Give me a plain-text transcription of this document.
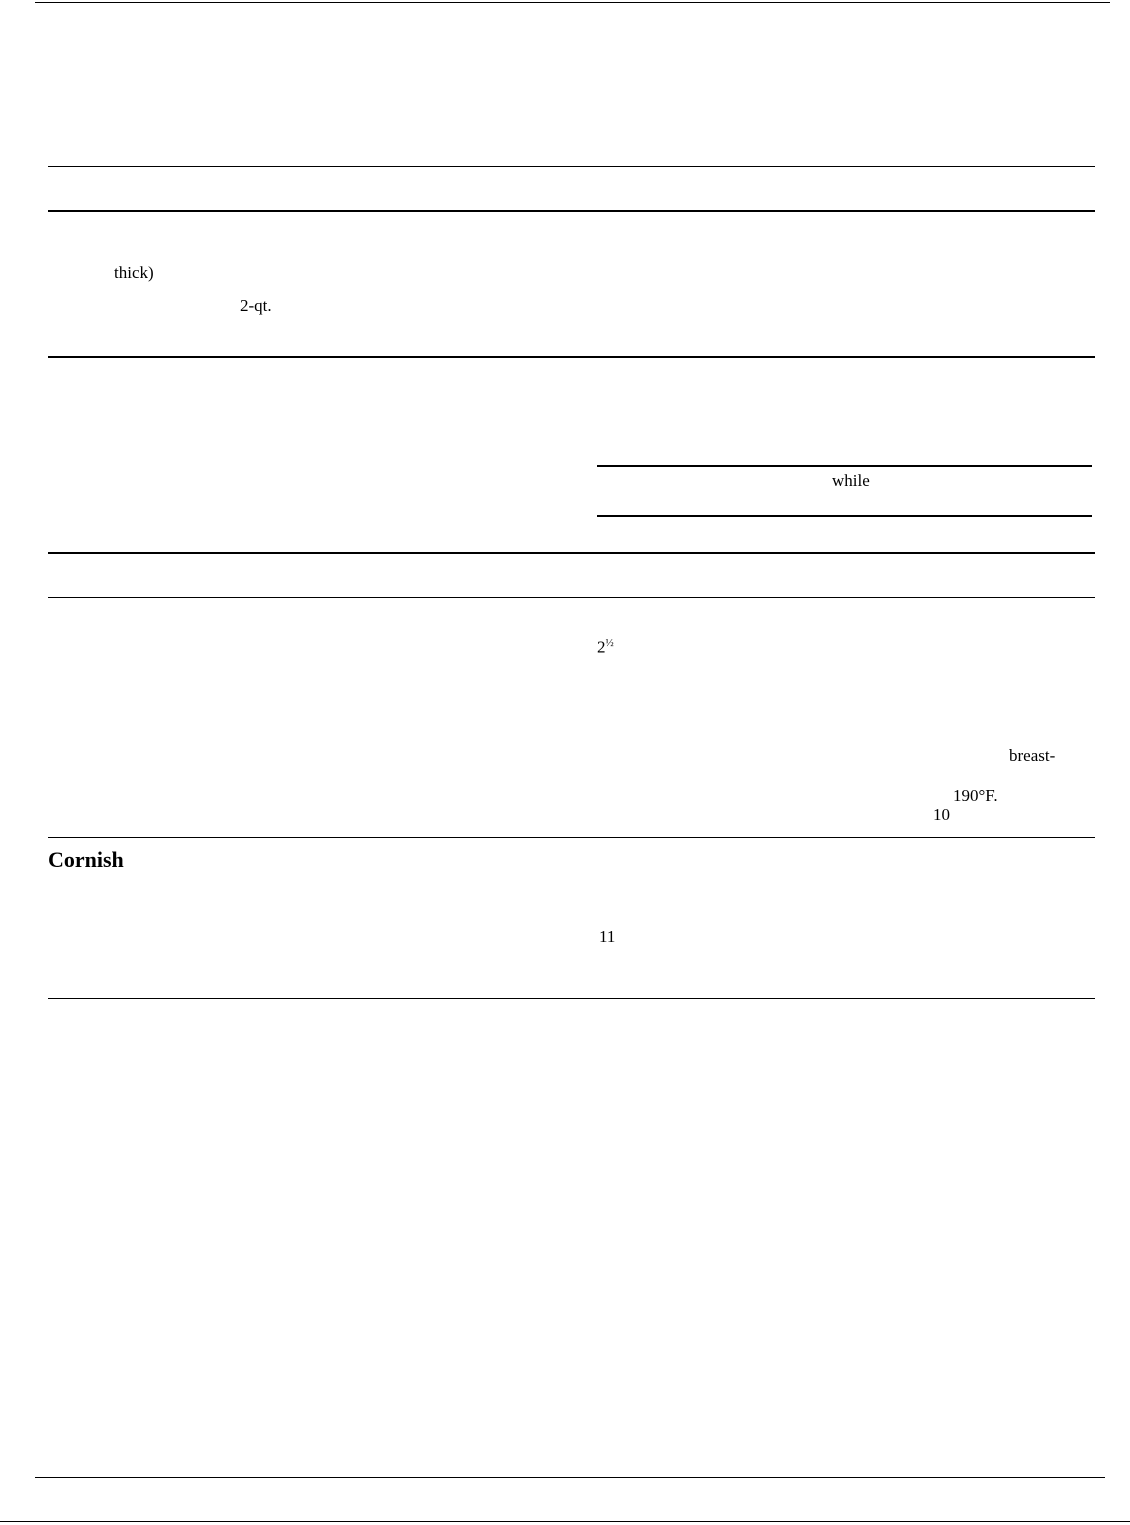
thick)
2-qt.
while
$2^{\frac{1}{2}}$
breast-
190°F.
10
Cornish
11
